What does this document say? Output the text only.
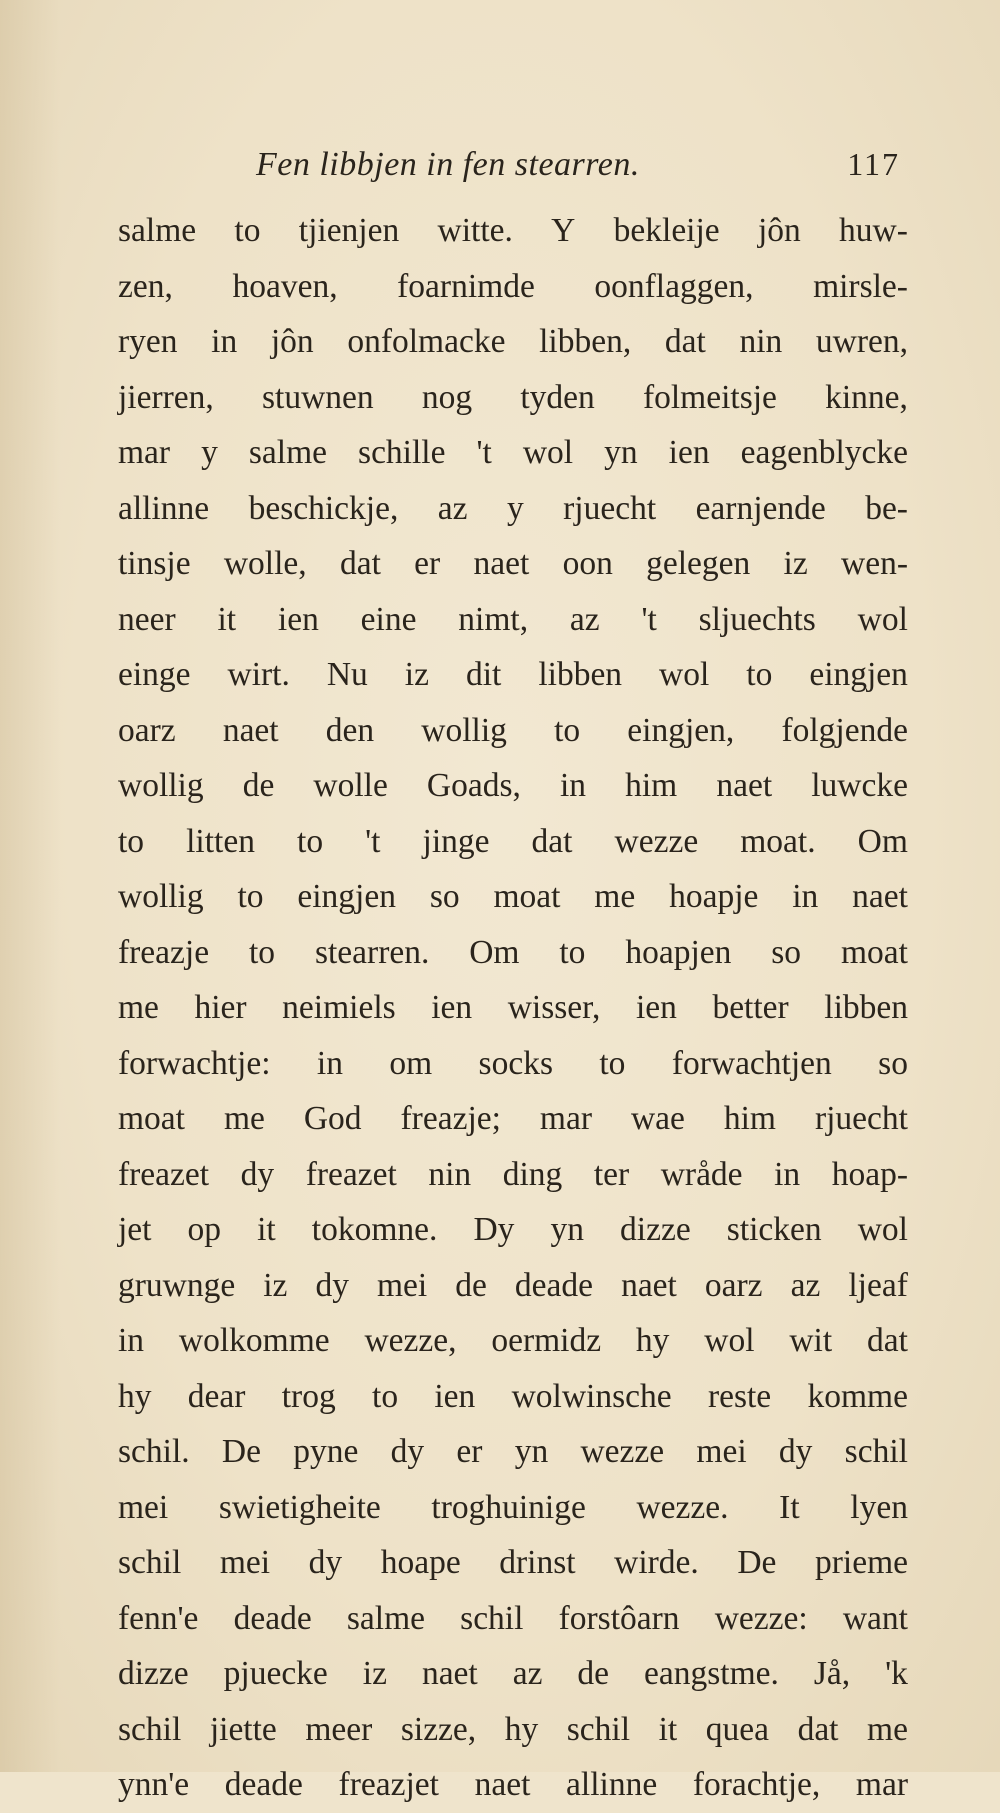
Fen libbjen in fen stearren.	117
salme to tjienjen witte. Y bekleije jôn huw-
zen, hoaven, foarnimde oonflaggen, mirsle-
ryen in jôn onfolmacke libben, dat nin uwren,
jierren, stuwnen nog tyden folmeitsje kinne,
mar y salme schille 't wol yn ien eagenblycke
allinne beschickje, az y rjuecht earnjende be-
tinsje wolle, dat er naet oon gelegen iz wen-
neer it ien eine nimt, az 't sljuechts wol
einge wirt. Nu iz dit libben wol to eingjen
oarz naet den wollig to eingjen, folgjende
wollig de wolle Goads, in him naet luwcke
to litten to 't jinge dat wezze moat. Om
wollig to eingjen so moat me hoapje in naet
freazje to stearren. Om to hoapjen so moat
me hier neimiels ien wisser, ien better libben
forwachtje: in om socks to forwachtjen so
moat me God freazje; mar wae him rjuecht
freazet dy freazet nin ding ter wråde in hoap-
jet op it tokomne. Dy yn dizze sticken wol
gruwnge iz dy mei de deade naet oarz az ljeaf
in wolkomme wezze, oermidz hy wol wit dat
hy dear trog to ien wolwinsche reste komme
schil. De pyne dy er yn wezze mei dy schil
mei swietigheite troghuinige wezze. It lyen
schil mei dy hoape drinst wirde. De prieme
fenn'e deade salme schil forstôarn wezze: want
dizze pjuecke iz naet az de eangstme. Jå, 'k
schil jiette meer sizze, hy schil it quea dat me
ynn'e deade freazjet naet allinne forachtje, mar
